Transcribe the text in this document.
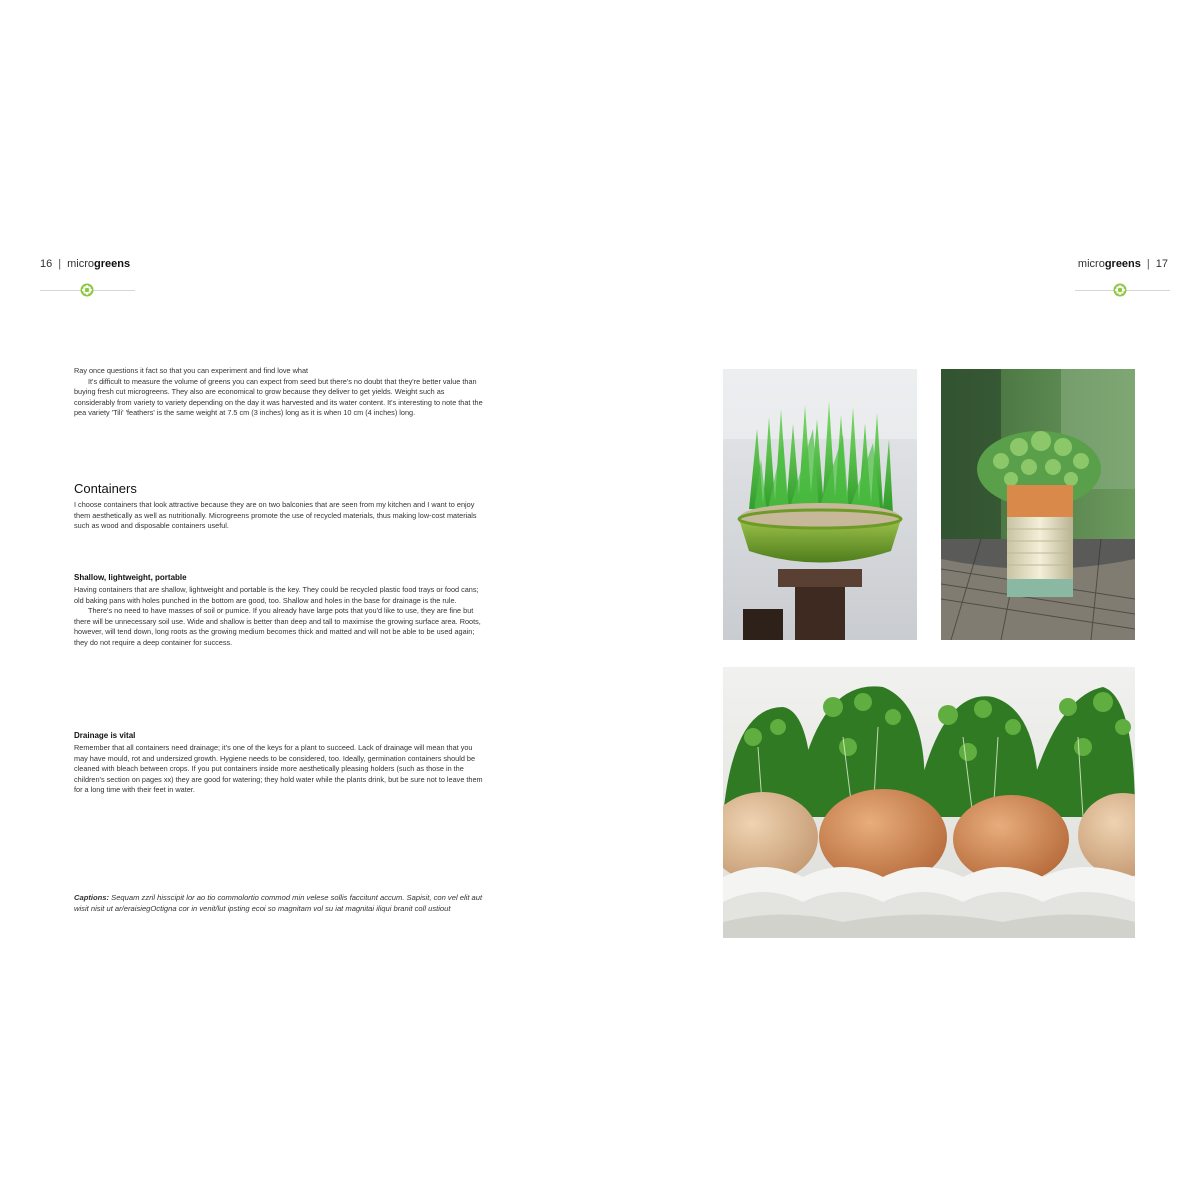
16 | microgreens	microgreens | 17

Ray once questions it fact so that you can experiment and find love what

It's difficult to measure the volume of greens you can expect from seed but there's no doubt that they're better value than buying fresh cut microgreens. They also are economical to grow because they deliver to get yields. Weight such as considerably from variety to variety depending on the day it was harvested and its water content. It's interesting to note that the pea variety 'Tili' 'feathers' is the same weight at 7.5 cm (3 inches) long as it is when 10 cm (4 inches) long.

Containers

I choose containers that look attractive because they are on two balconies that are seen from my kitchen and I want to enjoy them aesthetically as well as nutritionally. Microgreens promote the use of recycled materials, thus making low-cost materials such as wood and disposable containers useful.

Shallow, lightweight, portable

Having containers that are shallow, lightweight and portable is the key. They could be recycled plastic food trays or food cans; old baking pans with holes punched in the bottom are good, too. Shallow and holes in the base for drainage is the rule.

There's no need to have masses of soil or pumice. If you already have large pots that you'd like to use, they are fine but there will be unnecessary soil use. Wide and shallow is better than deep and tall to maximise the growing surface area. Roots, however, will tend down, long roots as the growing medium becomes thick and matted and will not be able to be used again; they do not require a deep container for success.

Drainage is vital

Remember that all containers need drainage; it's one of the keys for a plant to succeed. Lack of drainage will mean that you may have mould, rot and undersized growth. Hygiene needs to be considered, too. Ideally, germination containers should be cleaned with bleach between crops. If you put containers inside more aesthetically pleasing holders (such as those in the children's section on pages xx) they are good for watering; they hold water while the plants drink, but be sure not to leave them for a long time with their feet in water.

Captions: Sequam zzril hisscipit lor ao tio commolortio commod min velese sollis faccitunt accum. Sapisit, con vel elit aut wisit nisit ut ar/eraisiegOctigna cor in venit/lut ipsting ecoi so magnitam vol su iat magnitai iliqui branit coll ustiout
